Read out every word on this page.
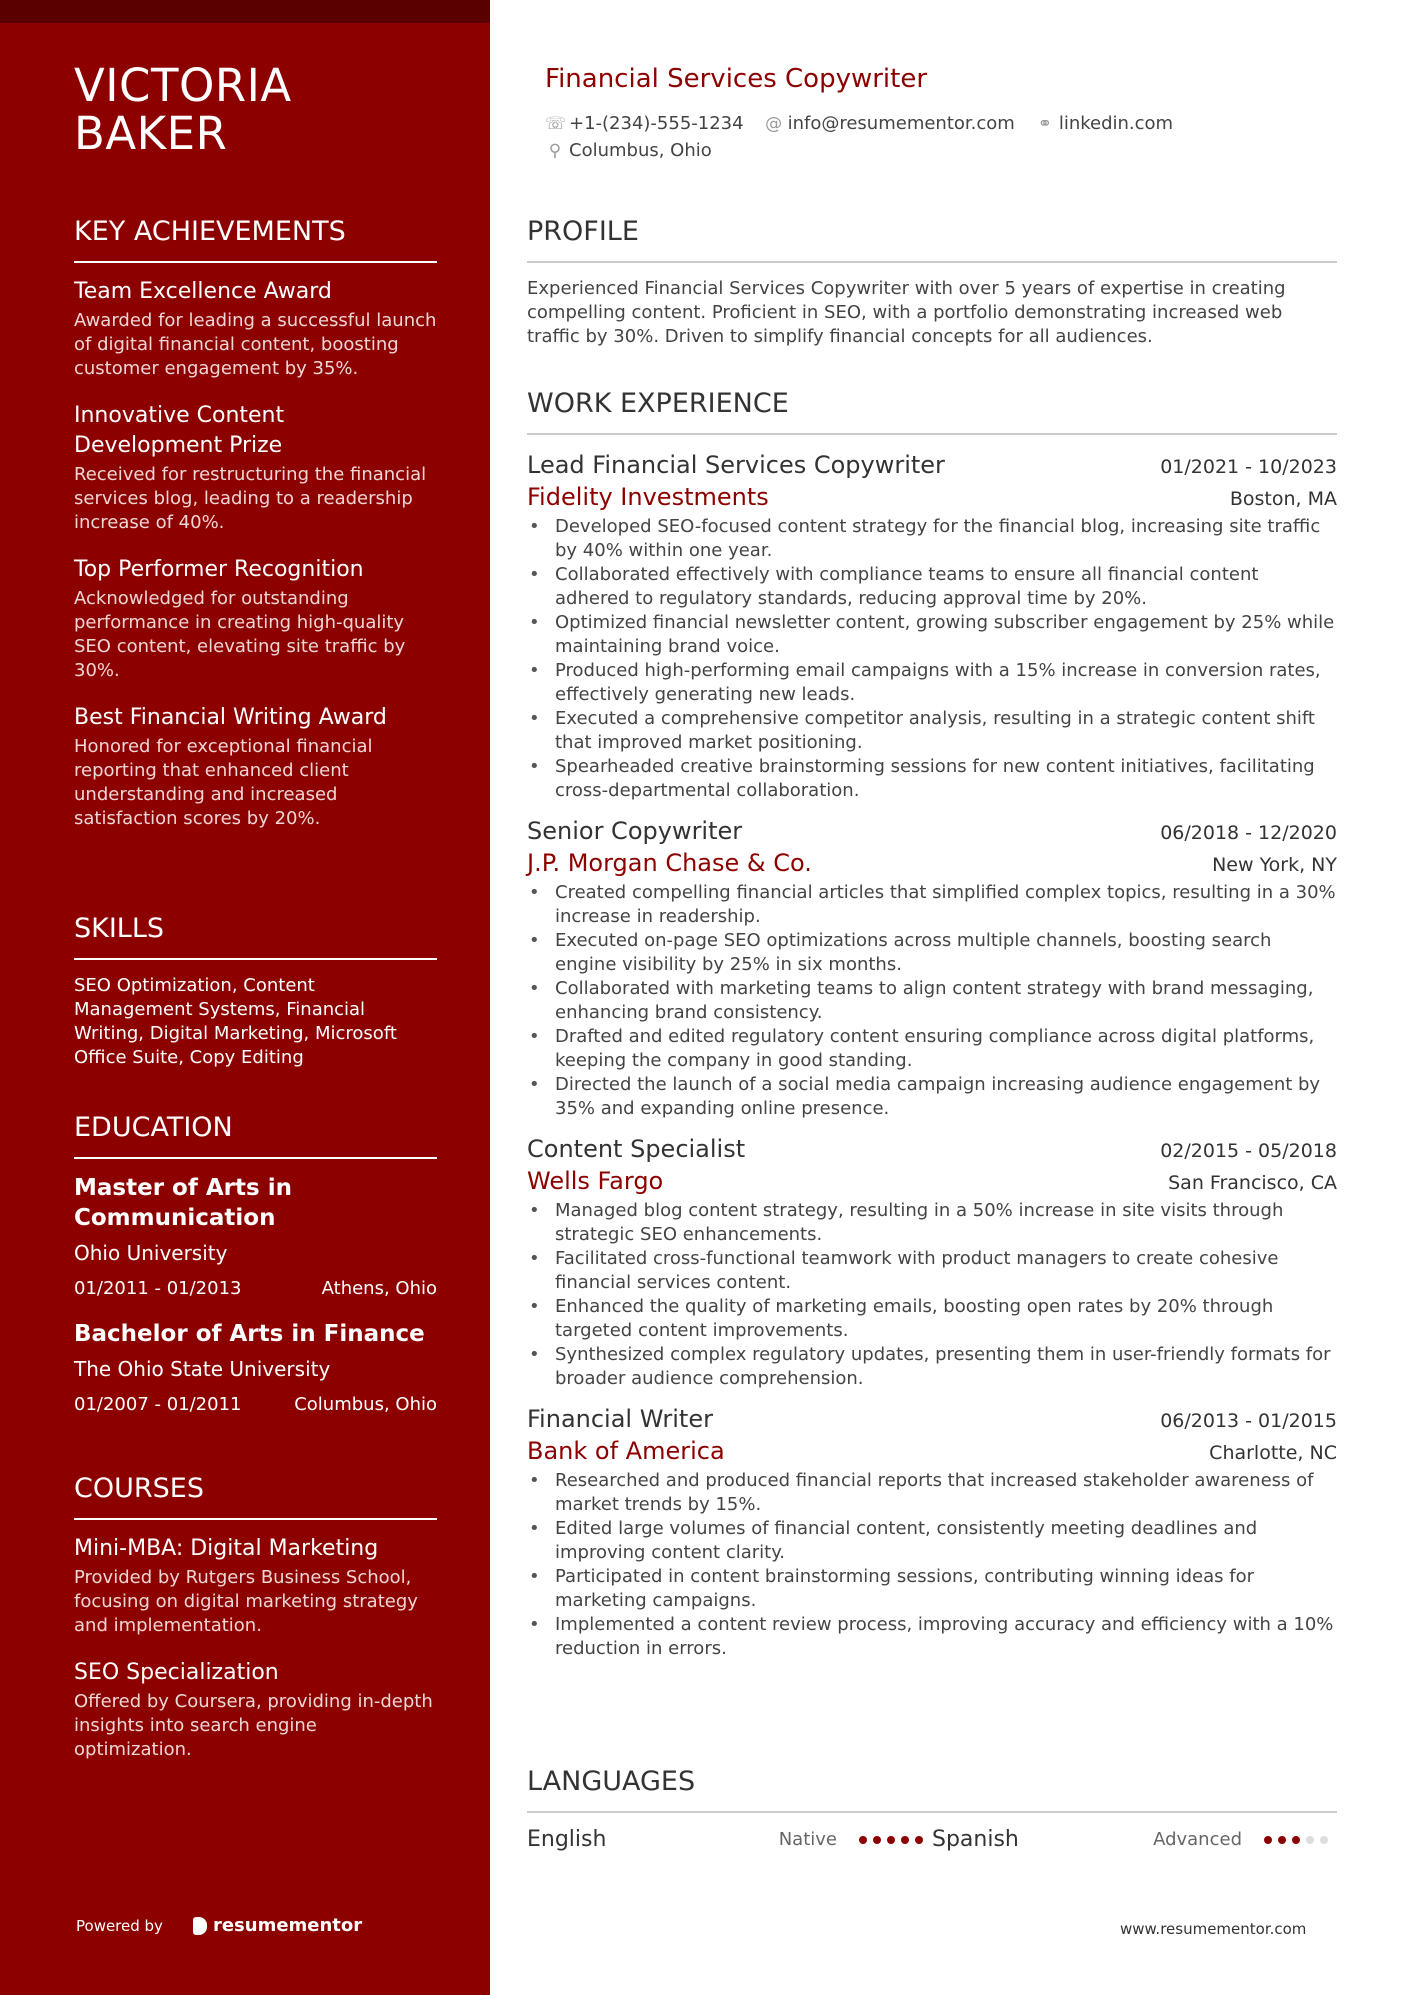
VICTORIA
BAKER
KEY ACHIEVEMENTS
Team Excellence Award
Awarded for leading a successful launch of digital financial content, boosting customer engagement by 35%.
Innovative Content Development Prize
Received for restructuring the financial services blog, leading to a readership increase of 40%.
Top Performer Recognition
Acknowledged for outstanding performance in creating high-quality SEO content, elevating site traffic by 30%.
Best Financial Writing Award
Honored for exceptional financial reporting that enhanced client understanding and increased satisfaction scores by 20%.
SKILLS
SEO Optimization, Content Management Systems, Financial Writing, Digital Marketing, Microsoft Office Suite, Copy Editing
EDUCATION
Master of Arts in Communication
Ohio University
01/2011 - 01/2013	Athens, Ohio
Bachelor of Arts in Finance
The Ohio State University
01/2007 - 01/2011	Columbus, Ohio
COURSES
Mini-MBA: Digital Marketing
Provided by Rutgers Business School, focusing on digital marketing strategy and implementation.
SEO Specialization
Offered by Coursera, providing in-depth insights into search engine optimization.
Powered by	resumementor
Financial Services Copywriter
☏ +1-(234)-555-1234 @ info@resumementor.com ⚭ linkedin.com
⚲ Columbus, Ohio
PROFILE
Experienced Financial Services Copywriter with over 5 years of expertise in creating compelling content. Proficient in SEO, with a portfolio demonstrating increased web traffic by 30%. Driven to simplify financial concepts for all audiences.
WORK EXPERIENCE
Lead Financial Services Copywriter	01/2021 - 10/2023
Fidelity Investments	Boston, MA
• Developed SEO-focused content strategy for the financial blog, increasing site traffic by 40% within one year.
• Collaborated effectively with compliance teams to ensure all financial content adhered to regulatory standards, reducing approval time by 20%.
• Optimized financial newsletter content, growing subscriber engagement by 25% while maintaining brand voice.
• Produced high-performing email campaigns with a 15% increase in conversion rates, effectively generating new leads.
• Executed a comprehensive competitor analysis, resulting in a strategic content shift that improved market positioning.
• Spearheaded creative brainstorming sessions for new content initiatives, facilitating cross-departmental collaboration.
Senior Copywriter	06/2018 - 12/2020
J.P. Morgan Chase & Co.	New York, NY
• Created compelling financial articles that simplified complex topics, resulting in a 30% increase in readership.
• Executed on-page SEO optimizations across multiple channels, boosting search engine visibility by 25% in six months.
• Collaborated with marketing teams to align content strategy with brand messaging, enhancing brand consistency.
• Drafted and edited regulatory content ensuring compliance across digital platforms, keeping the company in good standing.
• Directed the launch of a social media campaign increasing audience engagement by 35% and expanding online presence.
Content Specialist	02/2015 - 05/2018
Wells Fargo	San Francisco, CA
• Managed blog content strategy, resulting in a 50% increase in site visits through strategic SEO enhancements.
• Facilitated cross-functional teamwork with product managers to create cohesive financial services content.
• Enhanced the quality of marketing emails, boosting open rates by 20% through targeted content improvements.
• Synthesized complex regulatory updates, presenting them in user-friendly formats for broader audience comprehension.
Financial Writer	06/2013 - 01/2015
Bank of America	Charlotte, NC
• Researched and produced financial reports that increased stakeholder awareness of market trends by 15%.
• Edited large volumes of financial content, consistently meeting deadlines and improving content clarity.
• Participated in content brainstorming sessions, contributing winning ideas for marketing campaigns.
• Implemented a content review process, improving accuracy and efficiency with a 10% reduction in errors.
LANGUAGES
English	Native	Spanish	Advanced
www.resumementor.com
